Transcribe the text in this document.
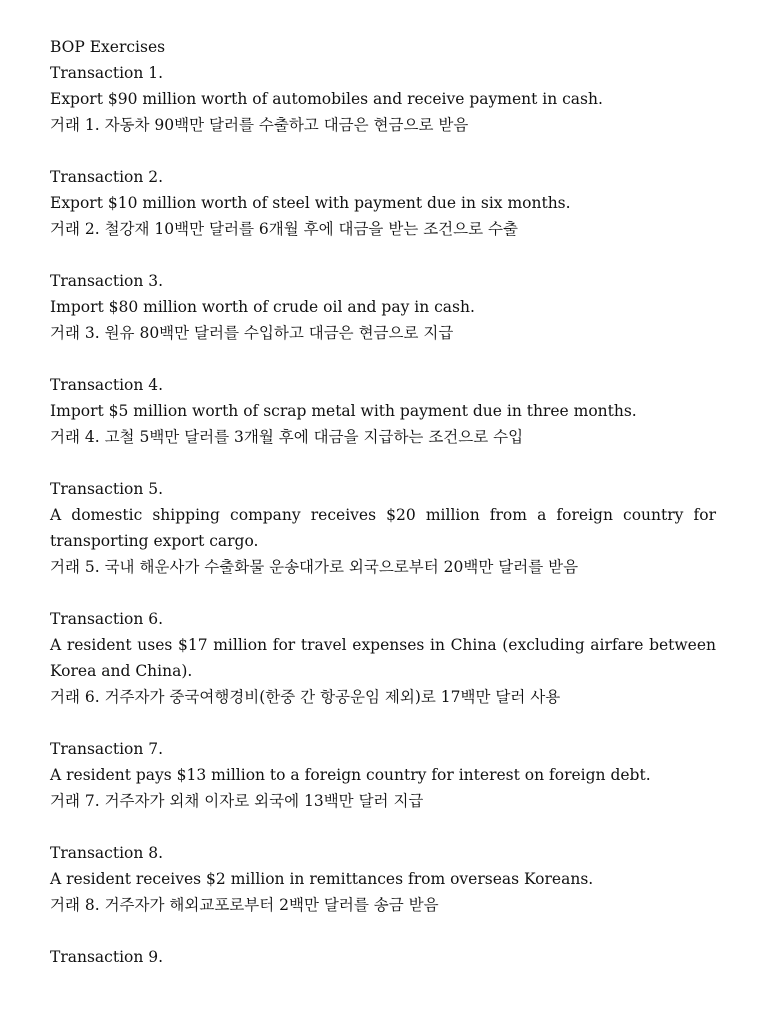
BOP Exercises

Transaction 1.

Export $90 million worth of automobiles and receive payment in cash.

거래 1. 자동차 90백만 달러를 수출하고 대금은 현금으로 받음

Transaction 2.

Export $10 million worth of steel with payment due in six months.

거래 2. 철강재 10백만 달러를 6개월 후에 대금을 받는 조건으로 수출

Transaction 3.

Import $80 million worth of crude oil and pay in cash.

거래 3. 원유 80백만 달러를 수입하고 대금은 현금으로 지급

Transaction 4.

Import $5 million worth of scrap metal with payment due in three months.

거래 4. 고철 5백만 달러를 3개월 후에 대금을 지급하는 조건으로 수입

Transaction 5.

A domestic shipping company receives $20 million from a foreign country for transporting export cargo.

거래 5. 국내 해운사가 수출화물 운송대가로 외국으로부터 20백만 달러를 받음

Transaction 6.

A resident uses $17 million for travel expenses in China (excluding airfare between Korea and China).

거래 6. 거주자가 중국여행경비(한중 간 항공운임 제외)로 17백만 달러 사용

Transaction 7.

A resident pays $13 million to a foreign country for interest on foreign debt.

거래 7. 거주자가 외채 이자로 외국에 13백만 달러 지급

Transaction 8.

A resident receives $2 million in remittances from overseas Koreans.

거래 8. 거주자가 해외교포로부터 2백만 달러를 송금 받음

Transaction 9.
